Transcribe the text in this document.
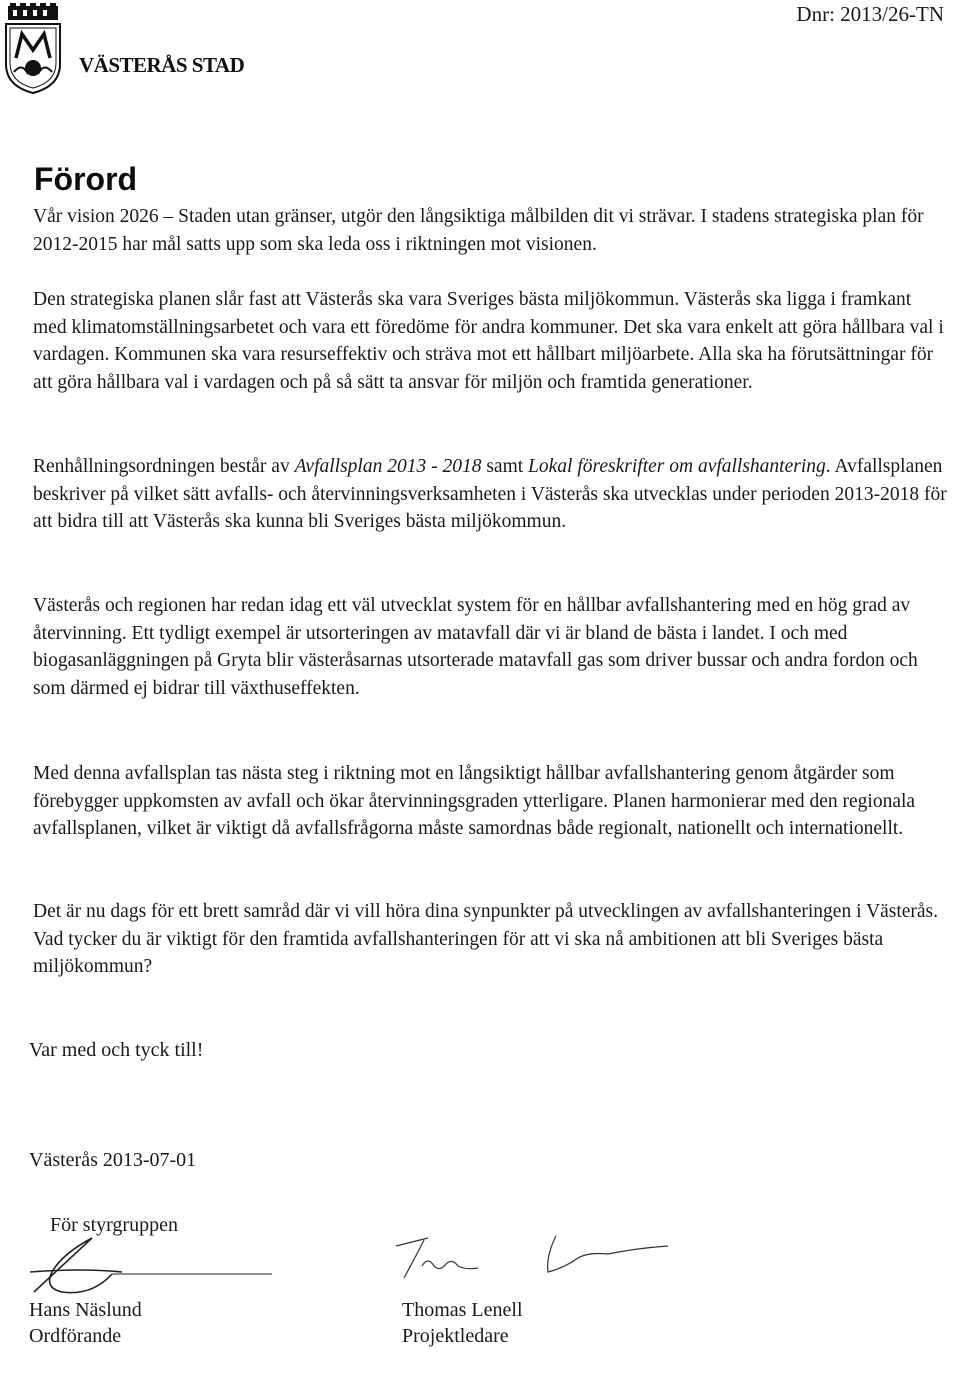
VÄSTERÅS STAD
Dnr: 2013/26-TN
Förord

Vår vision 2026 – Staden utan gränser, utgör den långsiktiga målbilden dit vi strävar. I stadens strategiska plan för 2012-2015 har mål satts upp som ska leda oss i riktningen mot visionen.

Den strategiska planen slår fast att Västerås ska vara Sveriges bästa miljökommun. Västerås ska ligga i framkant med klimatomställningsarbetet och vara ett föredöme för andra kommuner. Det ska vara enkelt att göra hållbara val i vardagen. Kommunen ska vara resurseffektiv och sträva mot ett hållbart miljöarbete. Alla ska ha förutsättningar för att göra hållbara val i vardagen och på så sätt ta ansvar för miljön och framtida generationer.

Renhållningsordningen består av Avfallsplan 2013 - 2018 samt Lokal föreskrifter om avfallshantering. Avfallsplanen beskriver på vilket sätt avfalls- och återvinningsverksamheten i Västerås ska utvecklas under perioden 2013-2018 för att bidra till att Västerås ska kunna bli Sveriges bästa miljökommun.

Västerås och regionen har redan idag ett väl utvecklat system för en hållbar avfallshantering med en hög grad av återvinning. Ett tydligt exempel är utsorteringen av matavfall där vi är bland de bästa i landet. I och med biogasanläggningen på Gryta blir västeråsarnas utsorterade matavfall gas som driver bussar och andra fordon och som därmed ej bidrar till växthuseffekten.

Med denna avfallsplan tas nästa steg i riktning mot en långsiktigt hållbar avfallshantering genom åtgärder som förebygger uppkomsten av avfall och ökar återvinningsgraden ytterligare. Planen harmonierar med den regionala avfallsplanen, vilket är viktigt då avfallsfrågorna måste samordnas både regionalt, nationellt och internationellt.

Det är nu dags för ett brett samråd där vi vill höra dina synpunkter på utvecklingen av avfallshanteringen i Västerås. Vad tycker du är viktigt för den framtida avfallshanteringen för att vi ska nå ambitionen att bli Sveriges bästa miljökommun?

Var med och tyck till!
Västerås 2013-07-01
För styrgruppen
Hans Näslund
Ordförande
Thomas Lenell
Projektledare
